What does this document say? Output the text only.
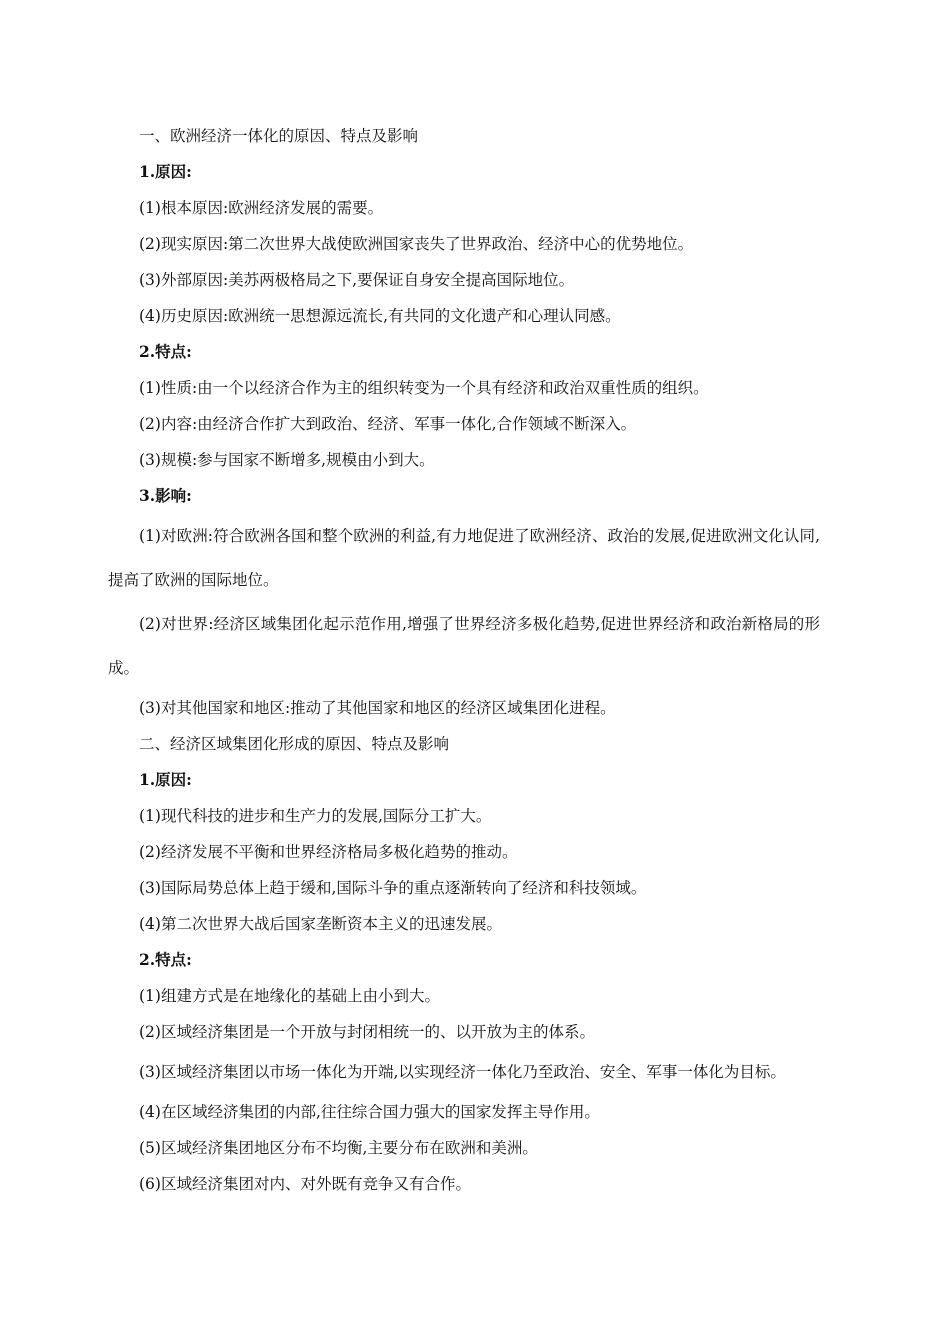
一、欧洲经济一体化的原因、特点及影响

1.原因:

(1)根本原因:欧洲经济发展的需要。

(2)现实原因:第二次世界大战使欧洲国家丧失了世界政治、经济中心的优势地位。

(3)外部原因:美苏两极格局之下,要保证自身安全提高国际地位。

(4)历史原因:欧洲统一思想源远流长,有共同的文化遗产和心理认同感。

2.特点:

(1)性质:由一个以经济合作为主的组织转变为一个具有经济和政治双重性质的组织。

(2)内容:由经济合作扩大到政治、经济、军事一体化,合作领域不断深入。

(3)规模:参与国家不断增多,规模由小到大。

3.影响:

(1)对欧洲:符合欧洲各国和整个欧洲的利益,有力地促进了欧洲经济、政治的发展,促进欧洲文化认同,提高了欧洲的国际地位。

(2)对世界:经济区域集团化起示范作用,增强了世界经济多极化趋势,促进世界经济和政治新格局的形成。

(3)对其他国家和地区:推动了其他国家和地区的经济区域集团化进程。

二、经济区域集团化形成的原因、特点及影响

1.原因:

(1)现代科技的进步和生产力的发展,国际分工扩大。

(2)经济发展不平衡和世界经济格局多极化趋势的推动。

(3)国际局势总体上趋于缓和,国际斗争的重点逐渐转向了经济和科技领域。

(4)第二次世界大战后国家垄断资本主义的迅速发展。

2.特点:

(1)组建方式是在地缘化的基础上由小到大。

(2)区域经济集团是一个开放与封闭相统一的、以开放为主的体系。

(3)区域经济集团以市场一体化为开端,以实现经济一体化乃至政治、安全、军事一体化为目标。

(4)在区域经济集团的内部,往往综合国力强大的国家发挥主导作用。

(5)区域经济集团地区分布不均衡,主要分布在欧洲和美洲。

(6)区域经济集团对内、对外既有竞争又有合作。
